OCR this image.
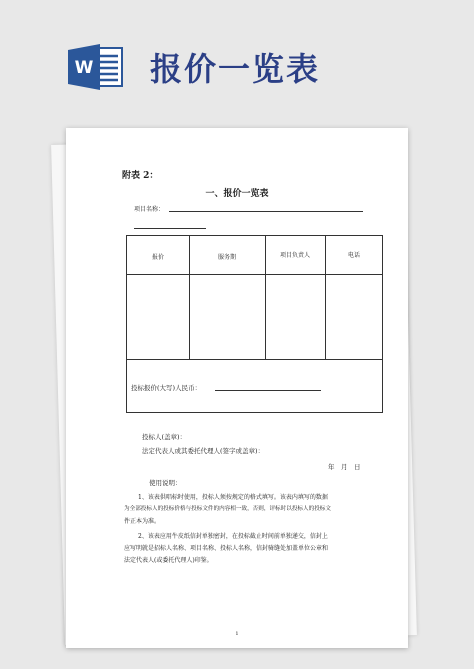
W 报价一览表
附表 2：
一、报价一览表
项目名称：
报价	服务期	项目负责人	电话
投标报价(大写)人民币：
投标人(盖章)：
法定代表人或其委托代理人(签字或盖章)：
年　月　日
使用说明：
1、该表供唱标时使用，投标人须按规定的格式填写。该表内填写的数据
为全部投标人的投标价格与投标文件的内容相一致，否则，评标时以投标人的投标文
件正本为准。
2、该表应用牛皮纸信封单独密封，在投标截止时间前单独递交，信封上
应写明就是招标人名称、项目名称、投标人名称，信封骑缝处加盖单位公章和
法定代表人(或委托代理人)印鉴。
1
